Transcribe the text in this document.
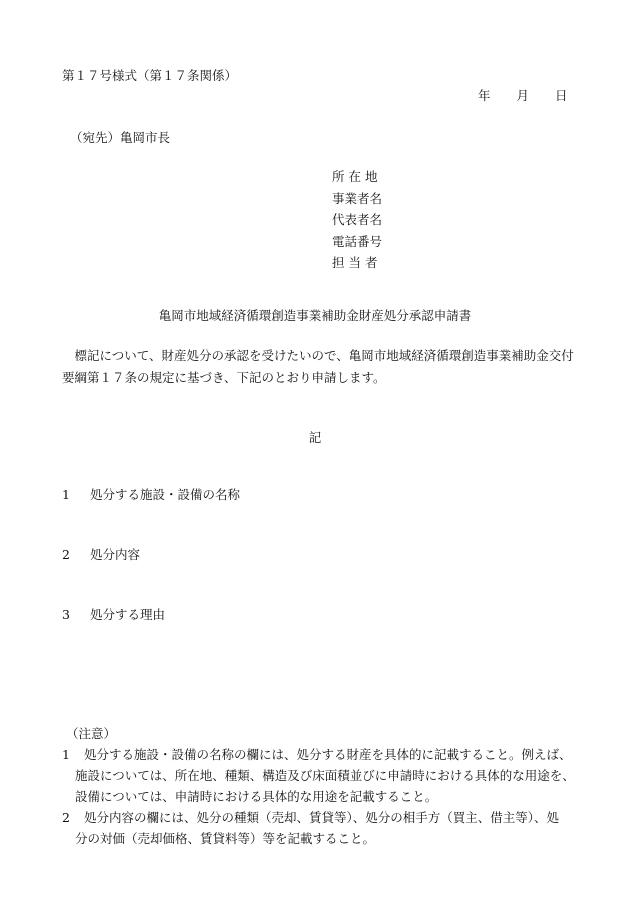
第１７号様式（第１７条関係）
年 月 日
（宛先）亀岡市長
所 在 地
事業者名
代表者名
電話番号
担 当 者
亀岡市地域経済循環創造事業補助金財産処分承認申請書
　標記について、財産処分の承認を受けたいので、亀岡市地域経済循環創造事業補助金交付
要綱第１７条の規定に基づき、下記のとおり申請します。
記
1 処分する施設・設備の名称
2 処分内容
3 処分する理由
（注意）
1 処分する施設・設備の名称の欄には、処分する財産を具体的に記載すること。例えば、
施設については、所在地、種類、構造及び床面積並びに申請時における具体的な用途を、
設備については、申請時における具体的な用途を記載すること。
2 処分内容の欄には、処分の種類（売却、賃貸等）、処分の相手方（買主、借主等）、処
分の対価（売却価格、賃貸料等）等を記載すること。
